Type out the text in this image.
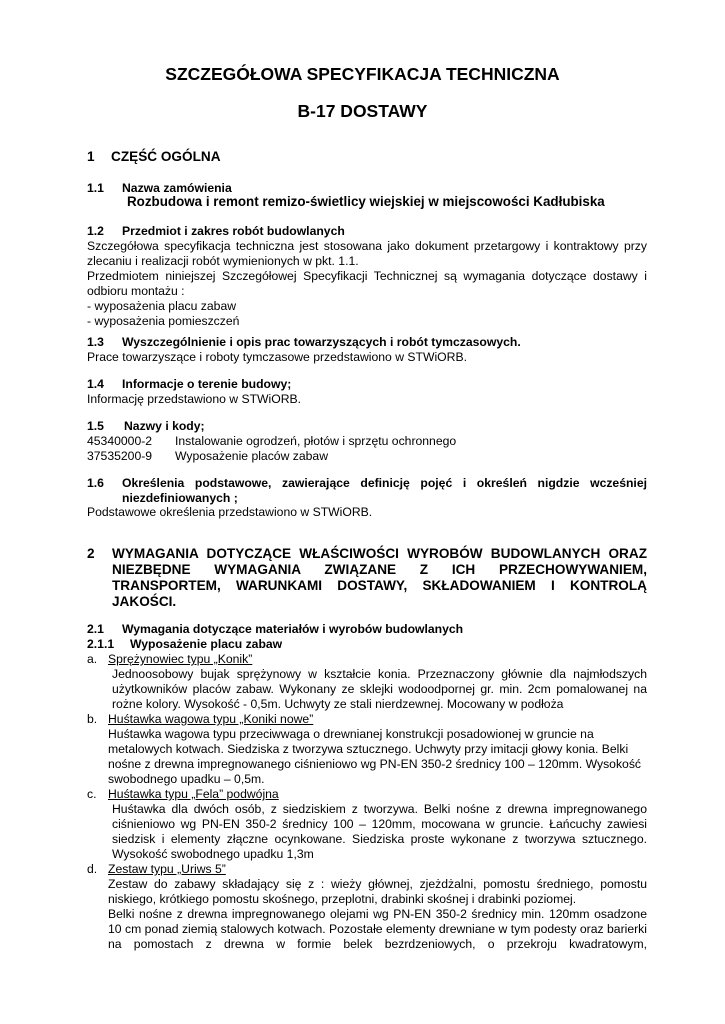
SZCZEGÓŁOWA SPECYFIKACJA TECHNICZNA
B-17 DOSTAWY
1 CZĘŚĆ OGÓLNA
1.1 Nazwa zamówienia
Rozbudowa i remont remizo-świetlicy wiejskiej w miejscowości Kadłubiska
1.2 Przedmiot i zakres robót budowlanych
Szczegółowa specyfikacja techniczna jest stosowana jako dokument przetargowy i kontraktowy przy
zlecaniu i realizacji robót wymienionych w pkt. 1.1.
Przedmiotem niniejszej Szczegółowej Specyfikacji Technicznej są wymagania dotyczące dostawy i
odbioru montażu :
- wyposażenia placu zabaw
- wyposażenia pomieszczeń
1.3 Wyszczególnienie i opis prac towarzyszących i robót tymczasowych.
Prace towarzyszące i roboty tymczasowe przedstawiono w STWiORB.
1.4 Informacje o terenie budowy;
Informację przedstawiono w STWiORB.
1.5 Nazwy i kody;
45340000-2 Instalowanie ogrodzeń, płotów i sprzętu ochronnego
37535200-9 Wyposażenie placów zabaw
1.6 Określenia podstawowe, zawierające definicję pojęć i określeń nigdzie wcześniej
niezdefiniowanych ;
Podstawowe określenia przedstawiono w STWiORB.
2 WYMAGANIA DOTYCZĄCE WŁAŚCIWOŚCI WYROBÓW BUDOWLANYCH ORAZ
NIEZBĘDNE WYMAGANIA ZWIĄZANE Z ICH PRZECHOWYWANIEM,
TRANSPORTEM, WARUNKAMI DOSTAWY, SKŁADOWANIEM I KONTROLĄ
JAKOŚCI.
2.1 Wymagania dotyczące materiałów i wyrobów budowlanych
2.1.1 Wyposażenie placu zabaw
a. Sprężynowiec typu „Konik”
Jednoosobowy bujak sprężynowy w kształcie konia. Przeznaczony głównie dla najmłodszych
użytkowników placów zabaw. Wykonany ze sklejki wodoodpornej gr. min. 2cm pomalowanej na
rożne kolory. Wysokość - 0,5m. Uchwyty ze stali nierdzewnej. Mocowany w podłoża
b. Huśtawka wagowa typu „Koniki nowe”
Huśtawka wagowa typu przeciwwaga o drewnianej konstrukcji posadowionej w gruncie na
metalowych kotwach. Siedziska z tworzywa sztucznego. Uchwyty przy imitacji głowy konia. Belki
nośne z drewna impregnowanego ciśnieniowo wg PN-EN 350-2 średnicy 100 – 120mm. Wysokość
swobodnego upadku – 0,5m.
c. Huśtawka typu „Fela” podwójna
Huśtawka dla dwóch osób, z siedziskiem z tworzywa. Belki nośne z drewna impregnowanego
ciśnieniowo wg PN-EN 350-2 średnicy 100 – 120mm, mocowana w gruncie. Łańcuchy zawiesi
siedzisk i elementy złączne ocynkowane. Siedziska proste wykonane z tworzywa sztucznego.
Wysokość swobodnego upadku 1,3m
d. Zestaw typu „Uriws 5”
Zestaw do zabawy składający się z : wieży głównej, zjeżdżalni, pomostu średniego, pomostu
niskiego, krótkiego pomostu skośnego, przeplotni, drabinki skośnej i drabinki poziomej.
Belki nośne z drewna impregnowanego olejami wg PN-EN 350-2 średnicy min. 120mm osadzone
10 cm ponad ziemią stalowych kotwach. Pozostałe elementy drewniane w tym podesty oraz barierki
na pomostach z drewna w formie belek bezrdzeniowych, o przekroju kwadratowym,
